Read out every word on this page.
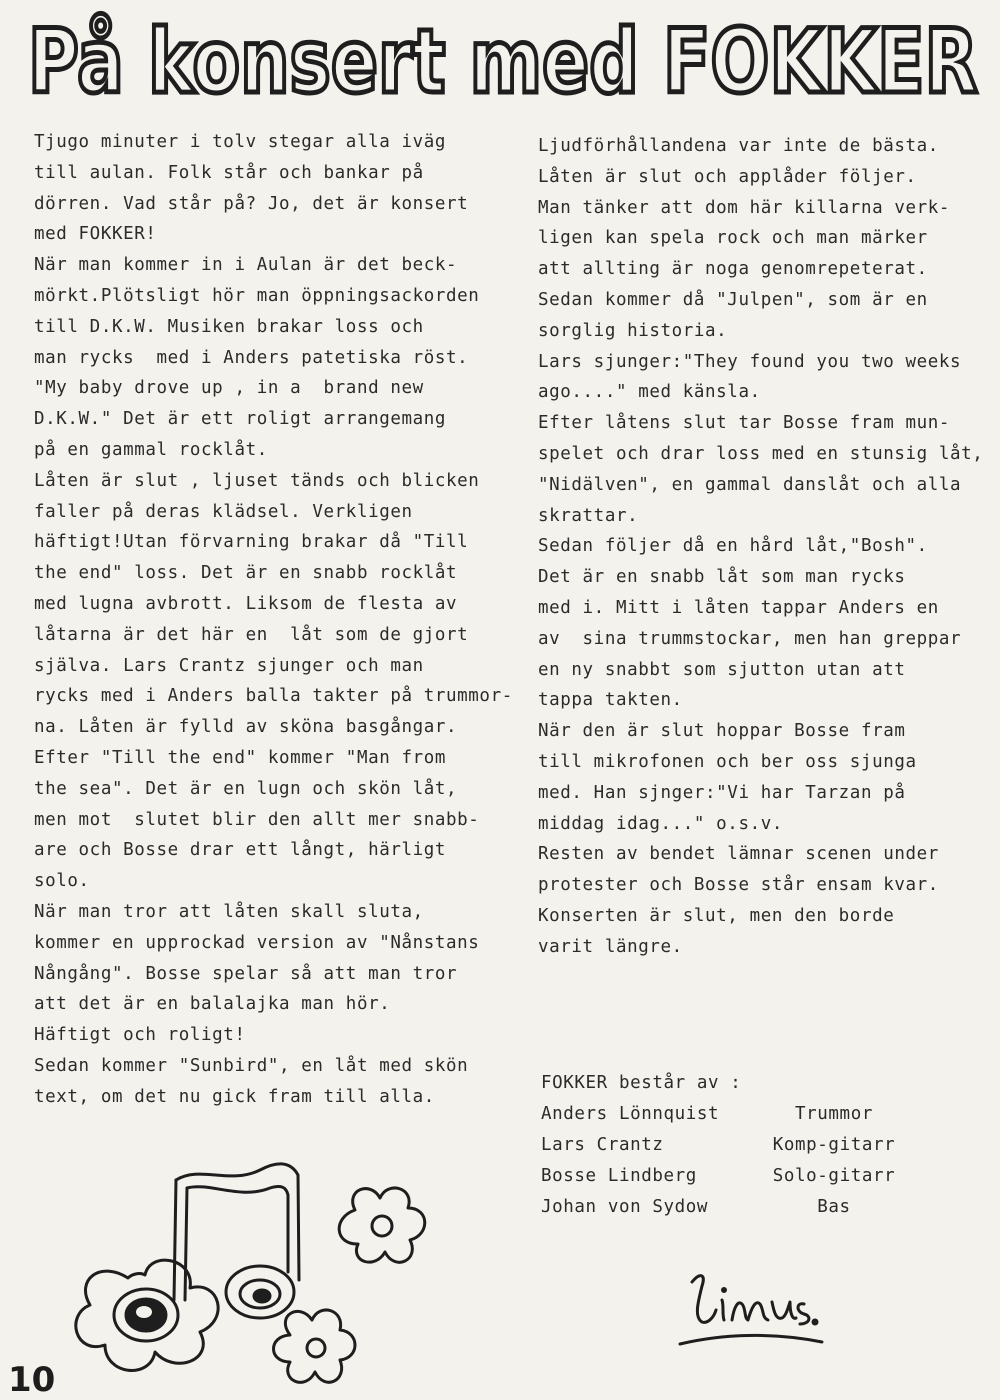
På konsert med FOKKER
Tjugo minuter i tolv stegar alla iväg
till aulan. Folk står och bankar på
dörren. Vad står på? Jo, det är konsert
med FOKKER!
När man kommer in i Aulan är det beck-
mörkt.Plötsligt hör man öppningsackorden
till D.K.W. Musiken brakar loss och
man rycks  med i Anders patetiska röst.
"My baby drove up , in a  brand new
D.K.W." Det är ett roligt arrangemang
på en gammal rocklåt.
Låten är slut , ljuset tänds och blicken
faller på deras klädsel. Verkligen
häftigt!Utan förvarning brakar då "Till
the end" loss. Det är en snabb rocklåt
med lugna avbrott. Liksom de flesta av
låtarna är det här en  låt som de gjort
själva. Lars Crantz sjunger och man
rycks med i Anders balla takter på trummor-
na. Låten är fylld av sköna basgångar.
Efter "Till the end" kommer "Man from
the sea". Det är en lugn och skön låt,
men mot  slutet blir den allt mer snabb-
are och Bosse drar ett långt, härligt
solo.
När man tror att låten skall sluta,
kommer en upprockad version av "Nånstans
Nångång". Bosse spelar så att man tror
att det är en balalajka man hör.
Häftigt och roligt!
Sedan kommer "Sunbird", en låt med skön
text, om det nu gick fram till alla.
Ljudförhållandena var inte de bästa.
Låten är slut och applåder följer.
Man tänker att dom här killarna verk-
ligen kan spela rock och man märker
att allting är noga genomrepeterat.
Sedan kommer då "Julpen", som är en
sorglig historia.
Lars sjunger:"They found you two weeks
ago...." med känsla.
Efter låtens slut tar Bosse fram mun-
spelet och drar loss med en stunsig låt,
"Nidälven", en gammal danslåt och alla
skrattar.
Sedan följer då en hård låt,"Bosh".
Det är en snabb låt som man rycks
med i. Mitt i låten tappar Anders en
av  sina trummstockar, men han greppar
en ny snabbt som sjutton utan att
tappa takten.
När den är slut hoppar Bosse fram
till mikrofonen och ber oss sjunga
med. Han sjnger:"Vi har Tarzan på
middag idag..." o.s.v.
Resten av bendet lämnar scenen under
protester och Bosse står ensam kvar.
Konserten är slut, men den borde
varit längre.
FOKKER består av :
Anders Lönnquist	Trummor
Lars Crantz	Komp-gitarr
Bosse Lindberg	Solo-gitarr
Johan von Sydow	Bas
10
